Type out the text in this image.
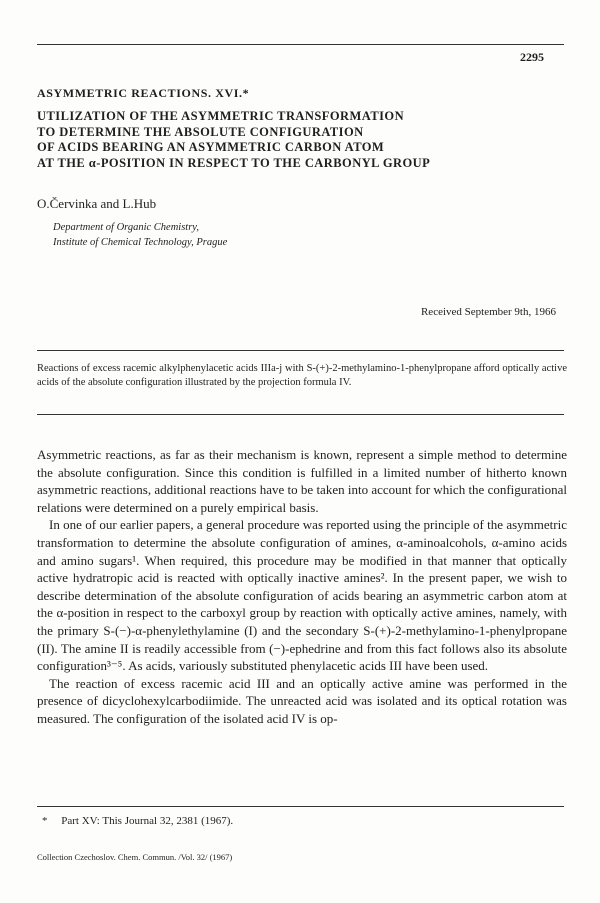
2295
ASYMMETRIC REACTIONS. XVI.*
UTILIZATION OF THE ASYMMETRIC TRANSFORMATION
TO DETERMINE THE ABSOLUTE CONFIGURATION
OF ACIDS BEARING AN ASYMMETRIC CARBON ATOM
AT THE α-POSITION IN RESPECT TO THE CARBONYL GROUP
O.Červinka and L.Hub
Department of Organic Chemistry,
Institute of Chemical Technology, Prague
Received September 9th, 1966
Reactions of excess racemic alkylphenylacetic acids IIIa-j with S-(+)-2-methylamino-1-phenylpropane afford optically active acids of the absolute configuration illustrated by the projection formula IV.

Asymmetric reactions, as far as their mechanism is known, represent a simple method to determine the absolute configuration. Since this condition is fulfilled in a limited number of hitherto known asymmetric reactions, additional reactions have to be taken into account for which the configurational relations were determined on a purely empirical basis.

In one of our earlier papers, a general procedure was reported using the principle of the asymmetric transformation to determine the absolute configuration of amines, α-aminoalcohols, α-amino acids and amino sugars¹. When required, this procedure may be modified in that manner that optically active hydratropic acid is reacted with optically inactive amines². In the present paper, we wish to describe determination of the absolute configuration of acids bearing an asymmetric carbon atom at the α-position in respect to the carboxyl group by reaction with optically active amines, namely, with the primary S-(−)-α-phenylethylamine (I) and the secondary S-(+)-2-methylamino-1-phenylpropane (II). The amine II is readily accessible from (−)-ephedrine and from this fact follows also its absolute configuration³⁻⁵. As acids, variously substituted phenylacetic acids III have been used.

The reaction of excess racemic acid III and an optically active amine was performed in the presence of dicyclohexylcarbodiimide. The unreacted acid was isolated and its optical rotation was measured. The configuration of the isolated acid IV is op-

*     Part XV: This Journal 32, 2381 (1967).
Collection Czechoslov. Chem. Commun. /Vol. 32/ (1967)
